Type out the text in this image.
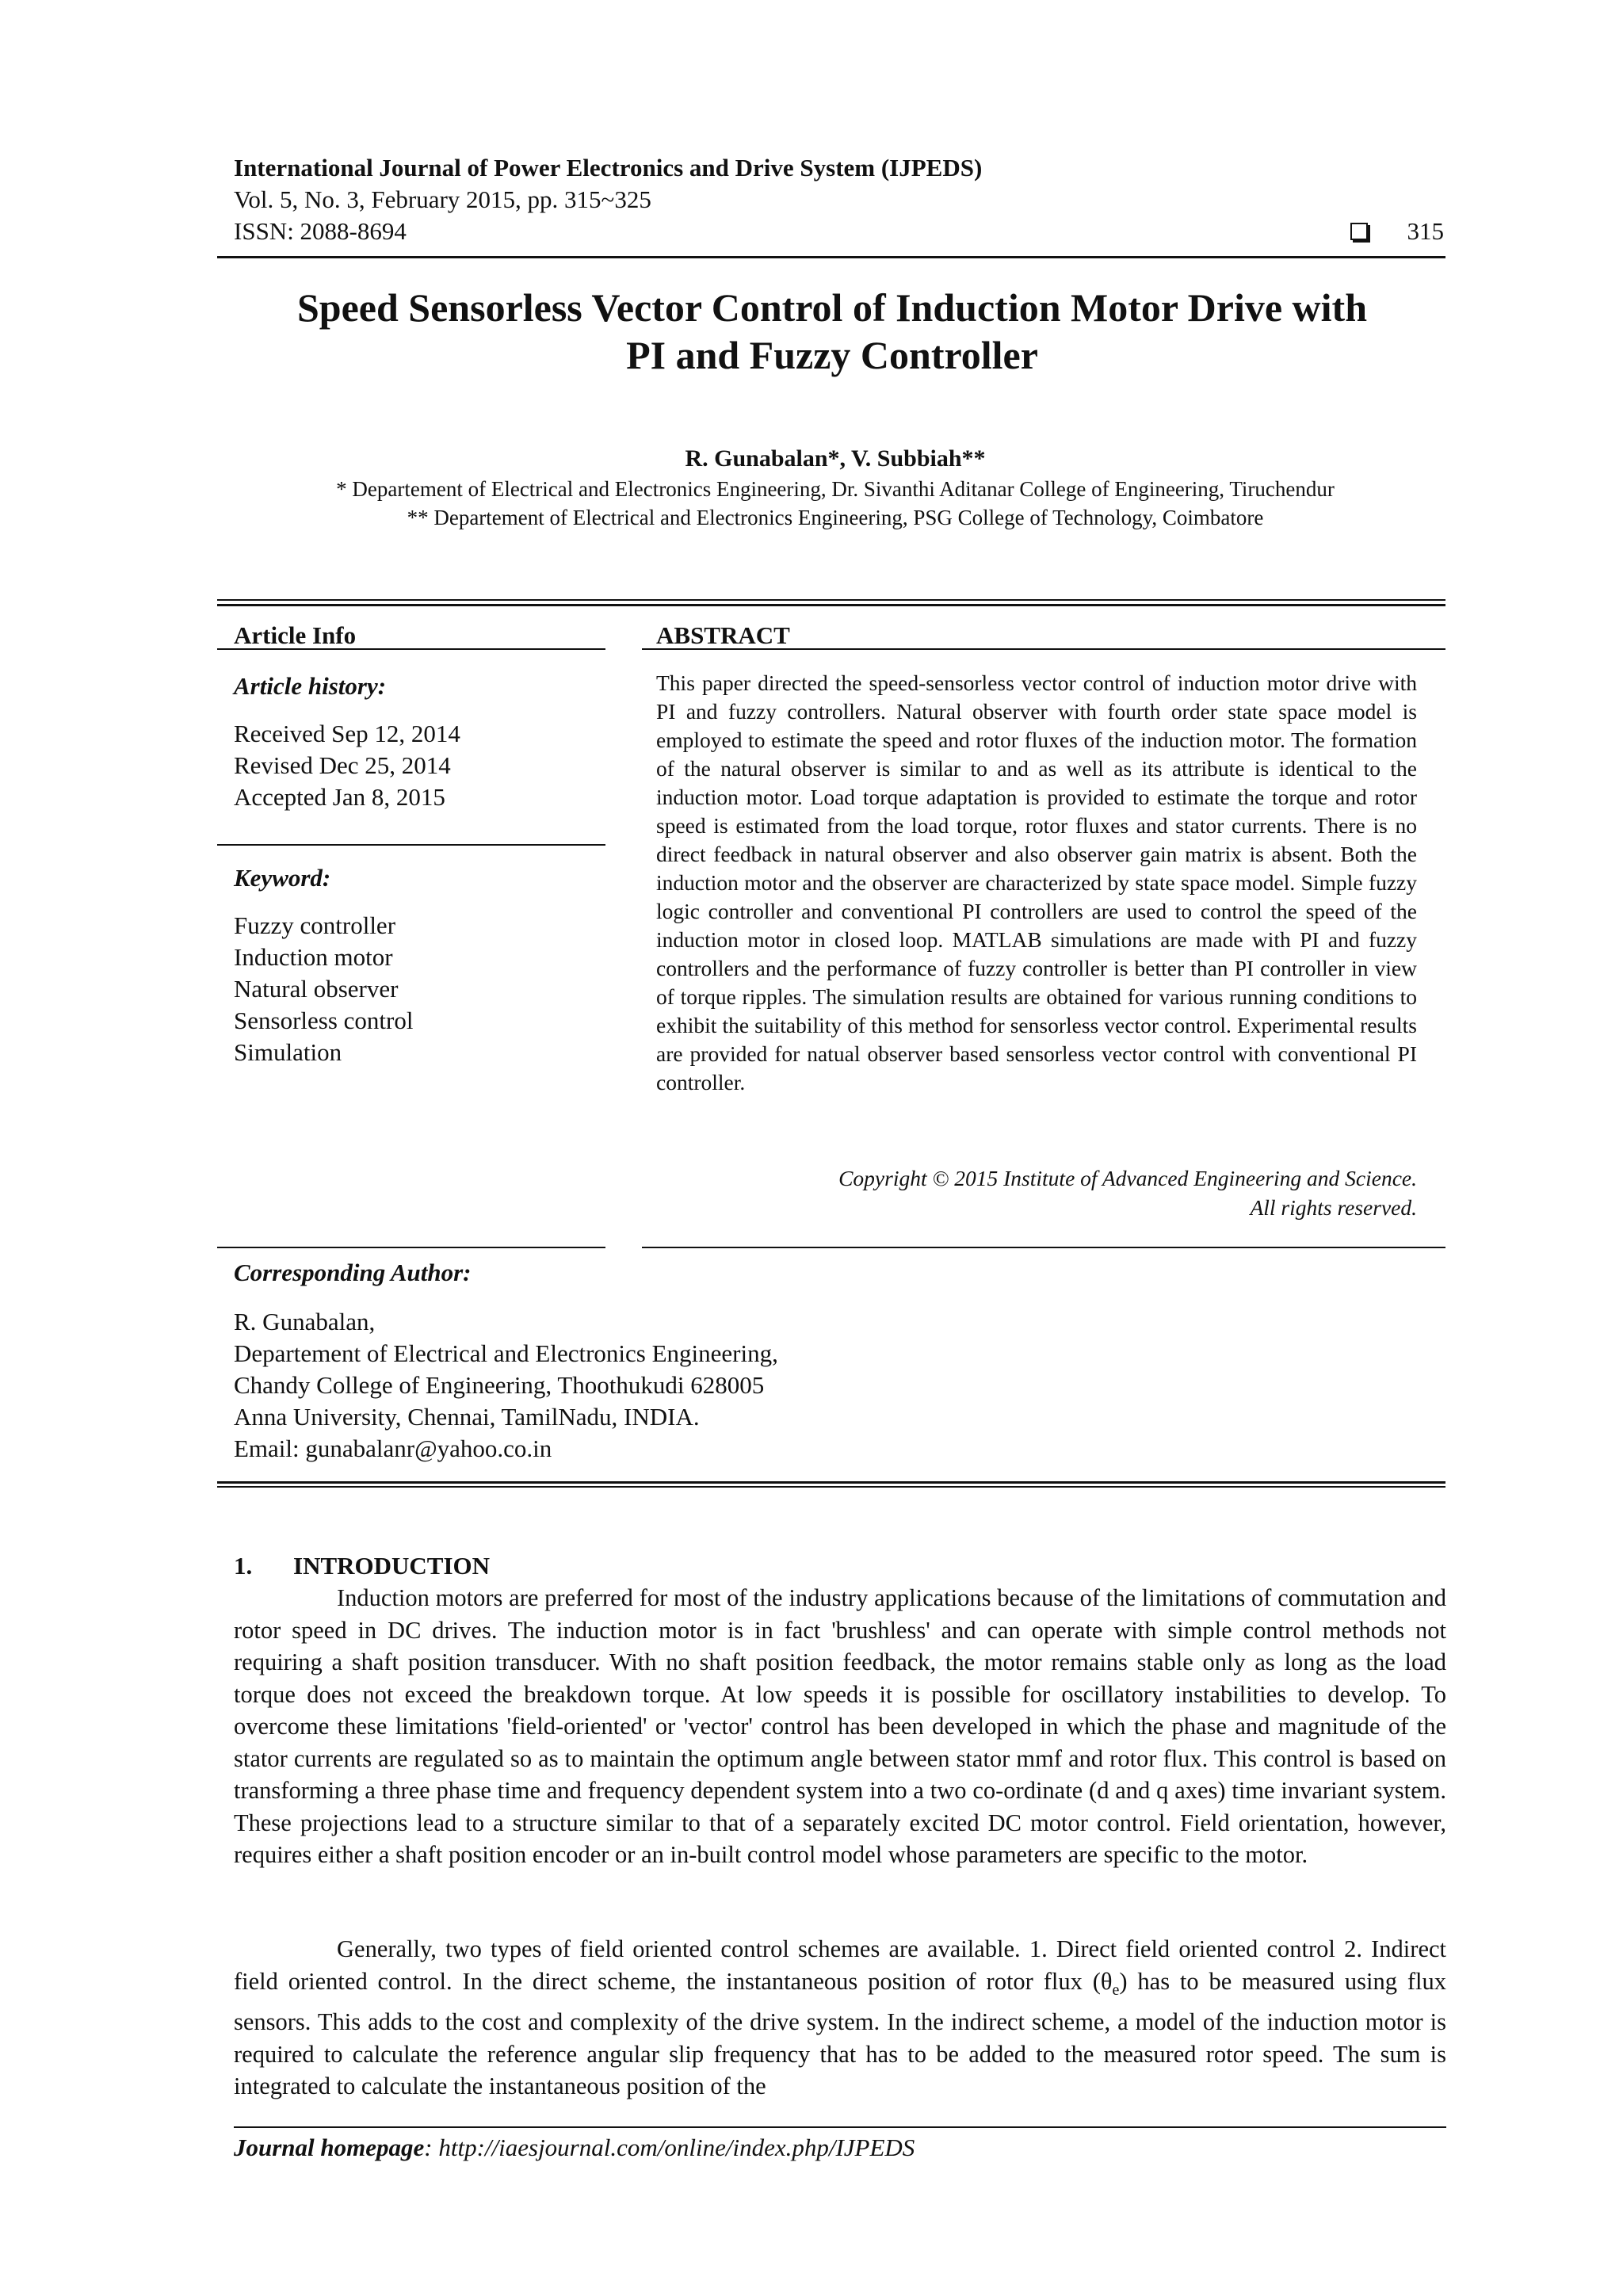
International Journal of Power Electronics and Drive System (IJPEDS)
Vol. 5, No. 3, February 2015, pp. 315~325
ISSN: 2088-8694	315
Speed Sensorless Vector Control of Induction Motor Drive with
PI and Fuzzy Controller
R. Gunabalan*, V. Subbiah**
* Departement of Electrical and Electronics Engineering, Dr. Sivanthi Aditanar College of Engineering, Tiruchendur
** Departement of Electrical and Electronics Engineering, PSG College of Technology, Coimbatore
Article Info
Article history:
Received Sep 12, 2014
Revised Dec 25, 2014
Accepted Jan 8, 2015
Keyword:
Fuzzy controller
Induction motor
Natural observer
Sensorless control
Simulation
ABSTRACT
This paper directed the speed-sensorless vector control of induction motor drive with PI and fuzzy controllers. Natural observer with fourth order state space model is employed to estimate the speed and rotor fluxes of the induction motor. The formation of the natural observer is similar to and as well as its attribute is identical to the induction motor. Load torque adaptation is provided to estimate the torque and rotor speed is estimated from the load torque, rotor fluxes and stator currents. There is no direct feedback in natural observer and also observer gain matrix is absent. Both the induction motor and the observer are characterized by state space model. Simple fuzzy logic controller and conventional PI controllers are used to control the speed of the induction motor in closed loop. MATLAB simulations are made with PI and fuzzy controllers and the performance of fuzzy controller is better than PI controller in view of torque ripples. The simulation results are obtained for various running conditions to exhibit the suitability of this method for sensorless vector control. Experimental results are provided for natual observer based sensorless vector control with conventional PI controller.
Copyright © 2015 Institute of Advanced Engineering and Science.
All rights reserved.
Corresponding Author:
R. Gunabalan,
Departement of Electrical and Electronics Engineering,
Chandy College of Engineering, Thoothukudi 628005
Anna University, Chennai, TamilNadu, INDIA.
Email: gunabalanr@yahoo.co.in
1. INTRODUCTION

Induction motors are preferred for most of the industry applications because of the limitations of commutation and rotor speed in DC drives. The induction motor is in fact 'brushless' and can operate with simple control methods not requiring a shaft position transducer. With no shaft position feedback, the motor remains stable only as long as the load torque does not exceed the breakdown torque. At low speeds it is possible for oscillatory instabilities to develop. To overcome these limitations 'field-oriented' or 'vector' control has been developed in which the phase and magnitude of the stator currents are regulated so as to maintain the optimum angle between stator mmf and rotor flux. This control is based on transforming a three phase time and frequency dependent system into a two co-ordinate (d and q axes) time invariant system. These projections lead to a structure similar to that of a separately excited DC motor control. Field orientation, however, requires either a shaft position encoder or an in-built control model whose parameters are specific to the motor.

Generally, two types of field oriented control schemes are available. 1. Direct field oriented control 2. Indirect field oriented control. In the direct scheme, the instantaneous position of rotor flux $(\theta_e)$ has to be measured using flux sensors. This adds to the cost and complexity of the drive system. In the indirect scheme, a model of the induction motor is required to calculate the reference angular slip frequency that has to be added to the measured rotor speed. The sum is integrated to calculate the instantaneous position of the

Journal homepage: http://iaesjournal.com/online/index.php/IJPEDS
